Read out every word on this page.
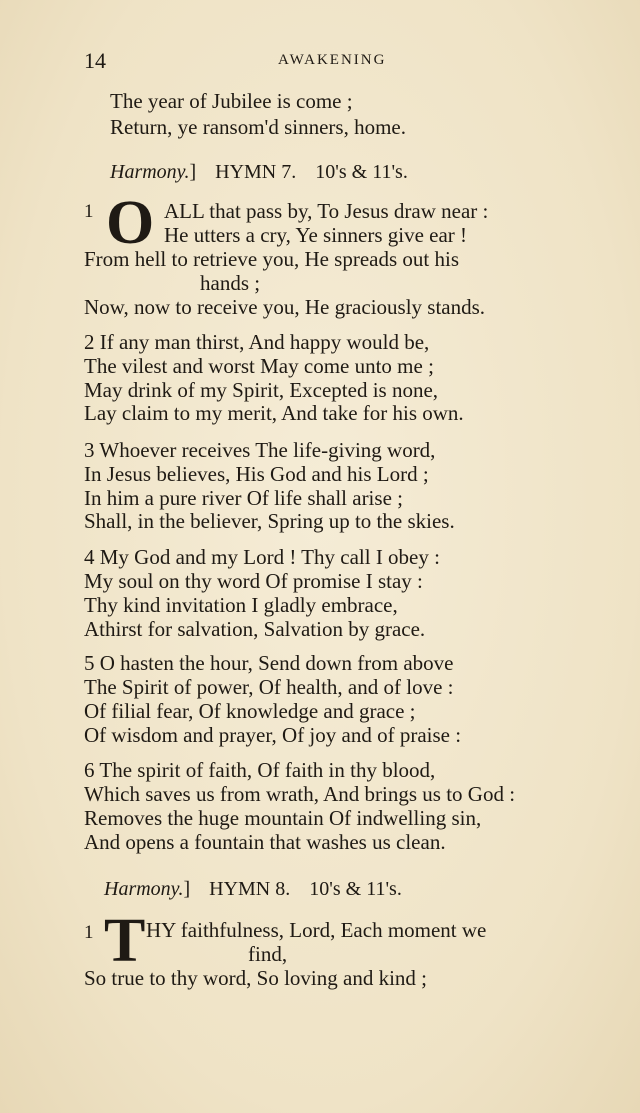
14	AWAKENING
The year of Jubilee is come ;
Return, ye ransom'd sinners, home.
Harmony.] HYMN 7. 10's & 11's.
1 O ALL that pass by, To Jesus draw near :
He utters a cry, Ye sinners give ear !
From hell to retrieve you, He spreads out his
hands ;
Now, now to receive you, He graciously stands.
2 If any man thirst, And happy would be,
The vilest and worst May come unto me ;
May drink of my Spirit, Excepted is none,
Lay claim to my merit, And take for his own.
3 Whoever receives The life-giving word,
In Jesus believes, His God and his Lord ;
In him a pure river Of life shall arise ;
Shall, in the believer, Spring up to the skies.
4 My God and my Lord ! Thy call I obey :
My soul on thy word Of promise I stay :
Thy kind invitation I gladly embrace,
Athirst for salvation, Salvation by grace.
5 O hasten the hour, Send down from above
The Spirit of power, Of health, and of love :
Of filial fear, Of knowledge and grace ;
Of wisdom and prayer, Of joy and of praise :
6 The spirit of faith, Of faith in thy blood,
Which saves us from wrath, And brings us to God :
Removes the huge mountain Of indwelling sin,
And opens a fountain that washes us clean.
Harmony.] HYMN 8. 10's & 11's.
1 T HY faithfulness, Lord, Each moment we
find,
So true to thy word, So loving and kind ;
